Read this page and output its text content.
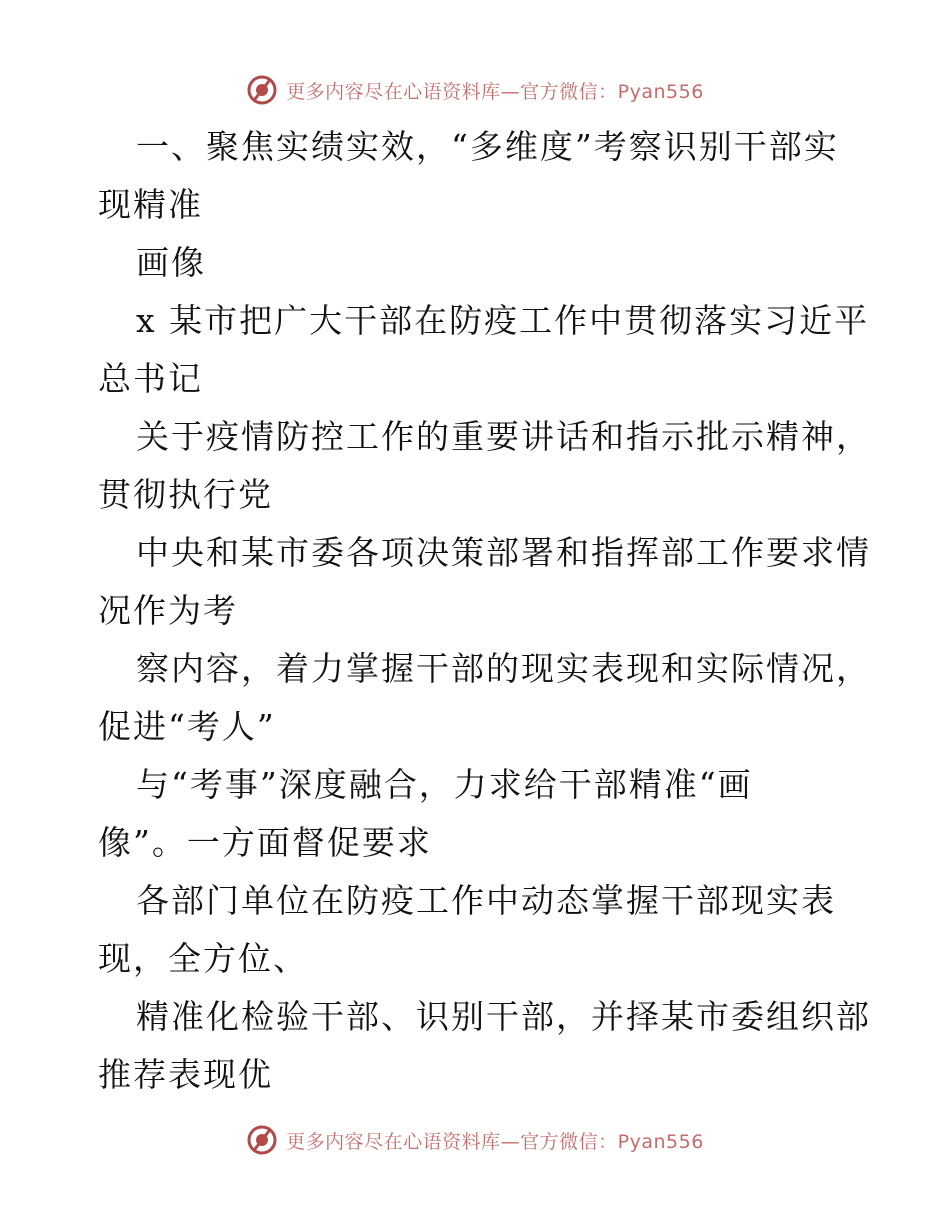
更多内容尽在心语资料库—官方微信：Pyan556
一、聚焦实绩实效，“多维度”考察识别干部实
现精准
画像
x 某市把广大干部在防疫工作中贯彻落实习近平
总书记
关于疫情防控工作的重要讲话和指示批示精神，
贯彻执行党
中央和某市委各项决策部署和指挥部工作要求情
况作为考
察内容，着力掌握干部的现实表现和实际情况，
促进“考人”
与“考事”深度融合，力求给干部精准“画
像”。一方面督促要求
各部门单位在防疫工作中动态掌握干部现实表
现，全方位、
精准化检验干部、识别干部，并择某市委组织部
推荐表现优
更多内容尽在心语资料库—官方微信：Pyan556
